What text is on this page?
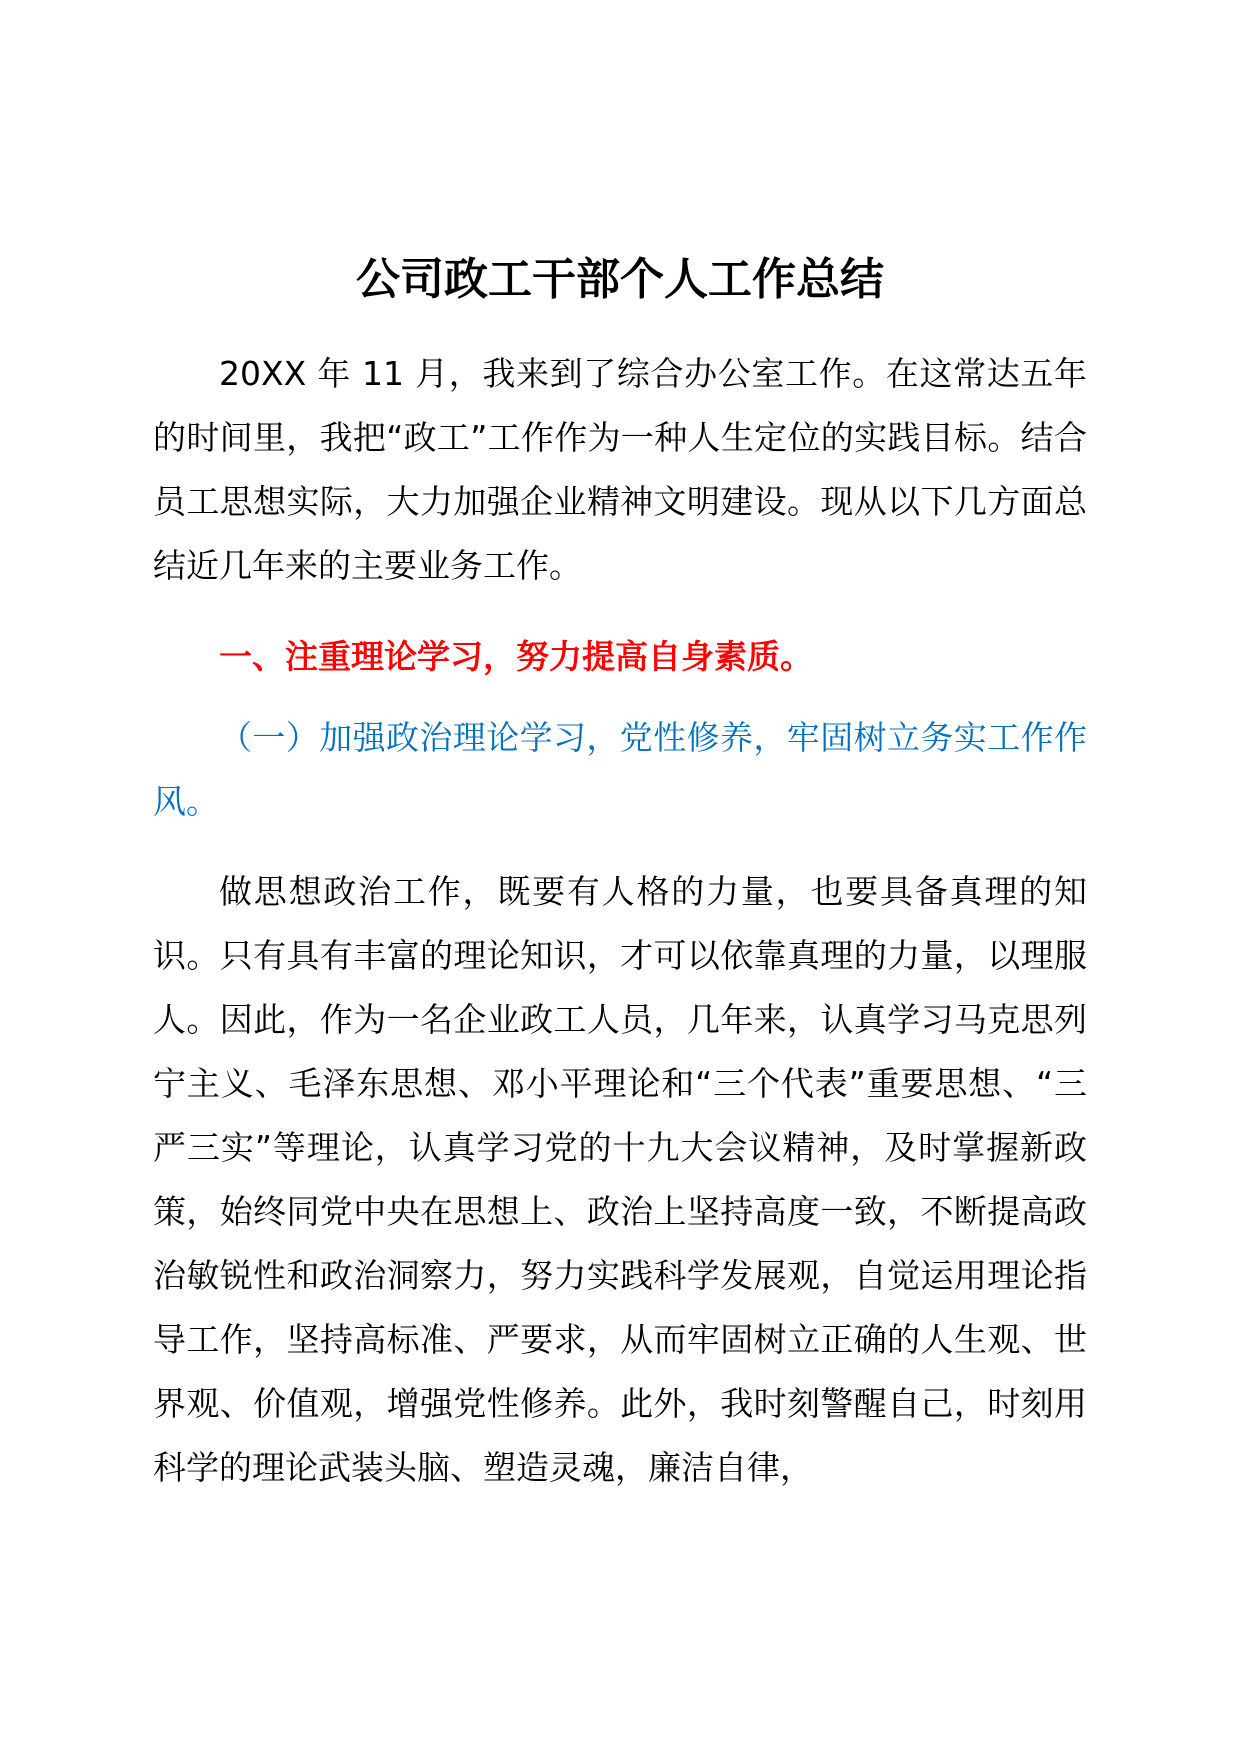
公司政工干部个人工作总结

20XX 年 11 月，我来到了综合办公室工作。在这常达五年的时间里，我把“政工”工作作为一种人生定位的实践目标。结合员工思想实际，大力加强企业精神文明建设。现从以下几方面总结近几年来的主要业务工作。

一、注重理论学习，努力提高自身素质。

（一）加强政治理论学习，党性修养，牢固树立务实工作作风。

做思想政治工作，既要有人格的力量，也要具备真理的知识。只有具有丰富的理论知识，才可以依靠真理的力量，以理服人。因此，作为一名企业政工人员，几年来，认真学习马克思列宁主义、毛泽东思想、邓小平理论和“三个代表”重要思想、“三严三实”等理论，认真学习党的十九大会议精神，及时掌握新政策，始终同党中央在思想上、政治上坚持高度一致，不断提高政治敏锐性和政治洞察力，努力实践科学发展观，自觉运用理论指导工作，坚持高标准、严要求，从而牢固树立正确的人生观、世界观、价值观，增强党性修养。此外，我时刻警醒自己，时刻用科学的理论武装头脑、塑造灵魂，廉洁自律，
